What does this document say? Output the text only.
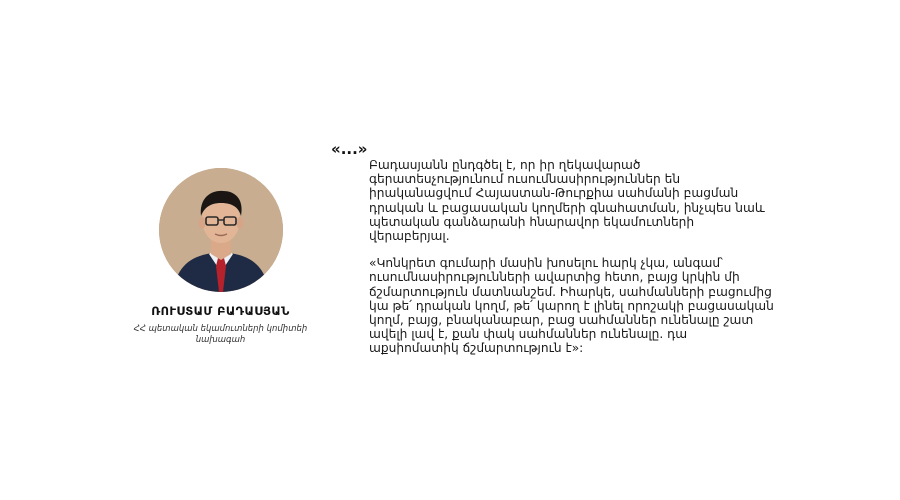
ՌՈՒՍՏԱՄ ԲԱԴԱՍՅԱՆ
ՀՀ պետական եկամուտների կոմիտեի նախագահ
«...»

Բադասյանն ընդգծել է, որ իր ղեկավարած գերատեսչությունում ուսումնասիրություններ են իրականացվում Հայաստան-Թուրքիա սահմանի բացման դրական և բացասական կողմերի գնահատման, ինչպես նաև պետական գանձարանի հնարավոր եկամուտների վերաբերյալ.

«Կոնկրետ գումարի մասին խոսելու հարկ չկա, անգամ՝ ուսումնասիրությունների ավարտից հետո, բայց կրկին մի ճշմարտություն մատնանշեմ. Իհարկե, սահմանների բացումից կա թե՛ դրական կողմ, թե՛ կարող է լինել որոշակի բացասական կողմ, բայց, բնականաբար, բաց սահմաններ ունենալը շատ ավելի լավ է, քան փակ սահմաններ ունենալը. դա աքսիոմատիկ ճշմարտություն է»:
